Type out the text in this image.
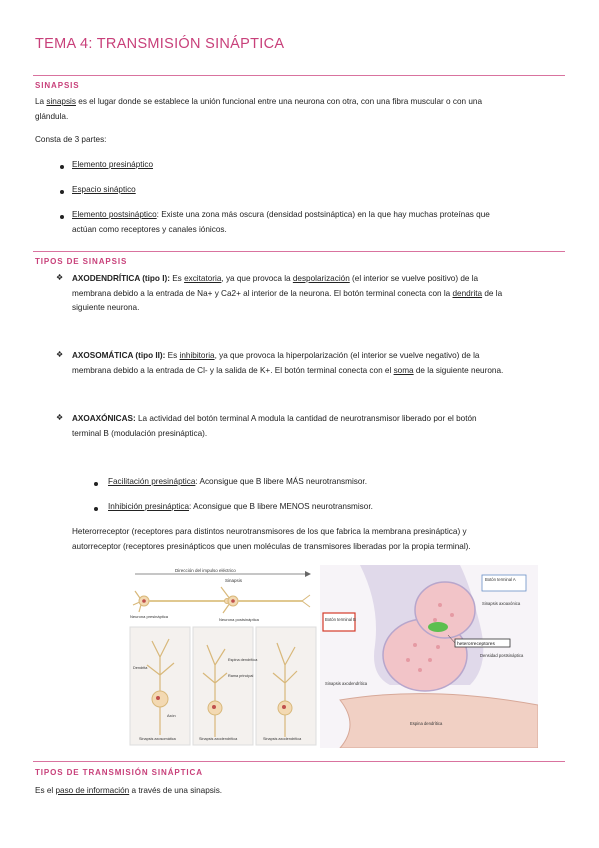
TEMA 4: TRANSMISIÓN SINÁPTICA
SINAPSIS
La sinapsis es el lugar donde se establece la unión funcional entre una neurona con otra, con una fibra muscular o con una
glándula.
Consta de 3 partes:
Elemento presináptico
Espacio sináptico
Elemento postsináptico: Existe una zona más oscura (densidad postsináptica) en la que hay muchas proteínas que
actúan como receptores y canales iónicos.
TIPOS DE SINAPSIS
❖ AXODENDRÍTICA (tipo I): Es excitatoria, ya que provoca la despolarización (el interior se vuelve positivo) de la
membrana debido a la entrada de Na+ y Ca2+ al interior de la neurona. El botón terminal conecta con la dendrita de la
siguiente neurona.
❖ AXOSOMÁTICA (tipo II): Es inhibitoria, ya que provoca la hiperpolarización (el interior se vuelve negativo) de la
membrana debido a la entrada de Cl- y la salida de K+. El botón terminal conecta con el soma de la siguiente neurona.
❖ AXOAXÓNICAS: La actividad del botón terminal A modula la cantidad de neurotransmisor liberado por el botón
terminal B (modulación presináptica).
Facilitación presináptica: Aconsigue que B libere MÁS neurotransmisor.
Inhibición presináptica: Aconsigue que B libere MENOS neurotransmisor.
Heterorreceptor (receptores para distintos neurotransmisores de los que fabrica la membrana presináptica) y
autorreceptor (receptores presinápticos que unen moléculas de transmisores liberadas por la propia terminal).
Dirección del impulso eléctrico
Sinapsis
Neurona presináptica
Neurona postsináptica
Dendrita
Axón
Sinapsis axosomática
Espina dendrítica
Rama principal
Sinapsis axodendrítica	Sinapsis axodendrítica
Botón terminal A
Botón terminal B
Sinapsis axoaxónica
heterorreceptores
Densidad postsináptica
Sinapsis axodendrítica
Espina dendrítica
TIPOS DE TRANSMISIÓN SINÁPTICA
Es el paso de información a través de una sinapsis.
